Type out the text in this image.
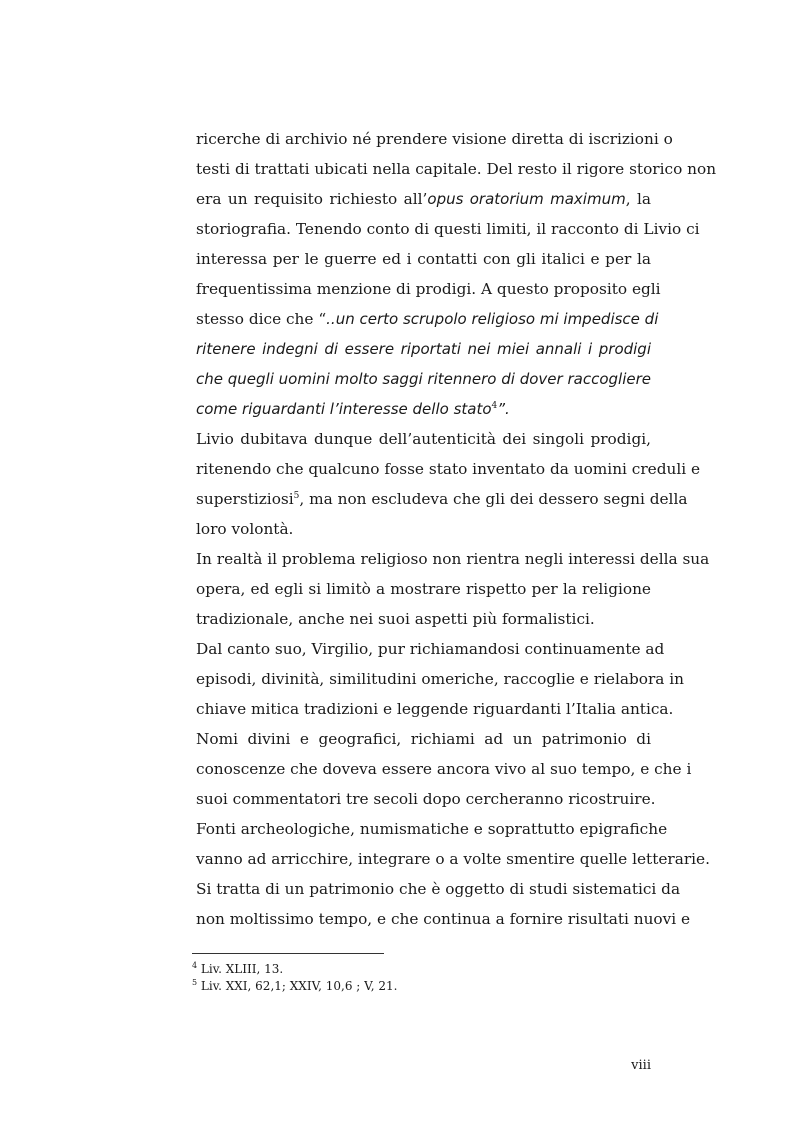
ricerche di archivio né prendere visione diretta di iscrizioni o
testi di trattati ubicati nella capitale. Del resto il rigore storico non
era un requisito richiesto all’opus oratorium maximum, la
storiografia. Tenendo conto di questi limiti, il racconto di Livio ci
interessa per le guerre ed i contatti con gli italici e per la
frequentissima menzione di prodigi. A questo proposito egli
stesso dice che “..un certo scrupolo religioso mi impedisce di
ritenere indegni di essere riportati nei miei annali i prodigi
che quegli uomini molto saggi ritennero di dover raccogliere
come riguardanti l’interesse dello stato$^4$”.
Livio dubitava dunque dell’autenticità dei singoli prodigi,
ritenendo che qualcuno fosse stato inventato da uomini creduli e
superstiziosi$^5$, ma non escludeva che gli dei dessero segni della
loro volontà.
In realtà il problema religioso non rientra negli interessi della sua
opera, ed egli si limitò a mostrare rispetto per la religione
tradizionale, anche nei suoi aspetti più formalistici.
Dal canto suo, Virgilio, pur richiamandosi continuamente ad
episodi, divinità, similitudini omeriche, raccoglie e rielabora in
chiave mitica tradizioni e leggende riguardanti l’Italia antica.
Nomi divini e geografici, richiami ad un patrimonio di
conoscenze che doveva essere ancora vivo al suo tempo, e che i
suoi commentatori tre secoli dopo cercheranno ricostruire.
Fonti archeologiche, numismatiche e soprattutto epigrafiche
vanno ad arricchire, integrare o a volte smentire quelle letterarie.
Si tratta di un patrimonio che è oggetto di studi sistematici da
non moltissimo tempo, e che continua a fornire risultati nuovi e
$^4$ Liv. XLIII, 13.
$^5$ Liv. XXI, 62,1; XXIV, 10,6 ; V, 21.
viii
